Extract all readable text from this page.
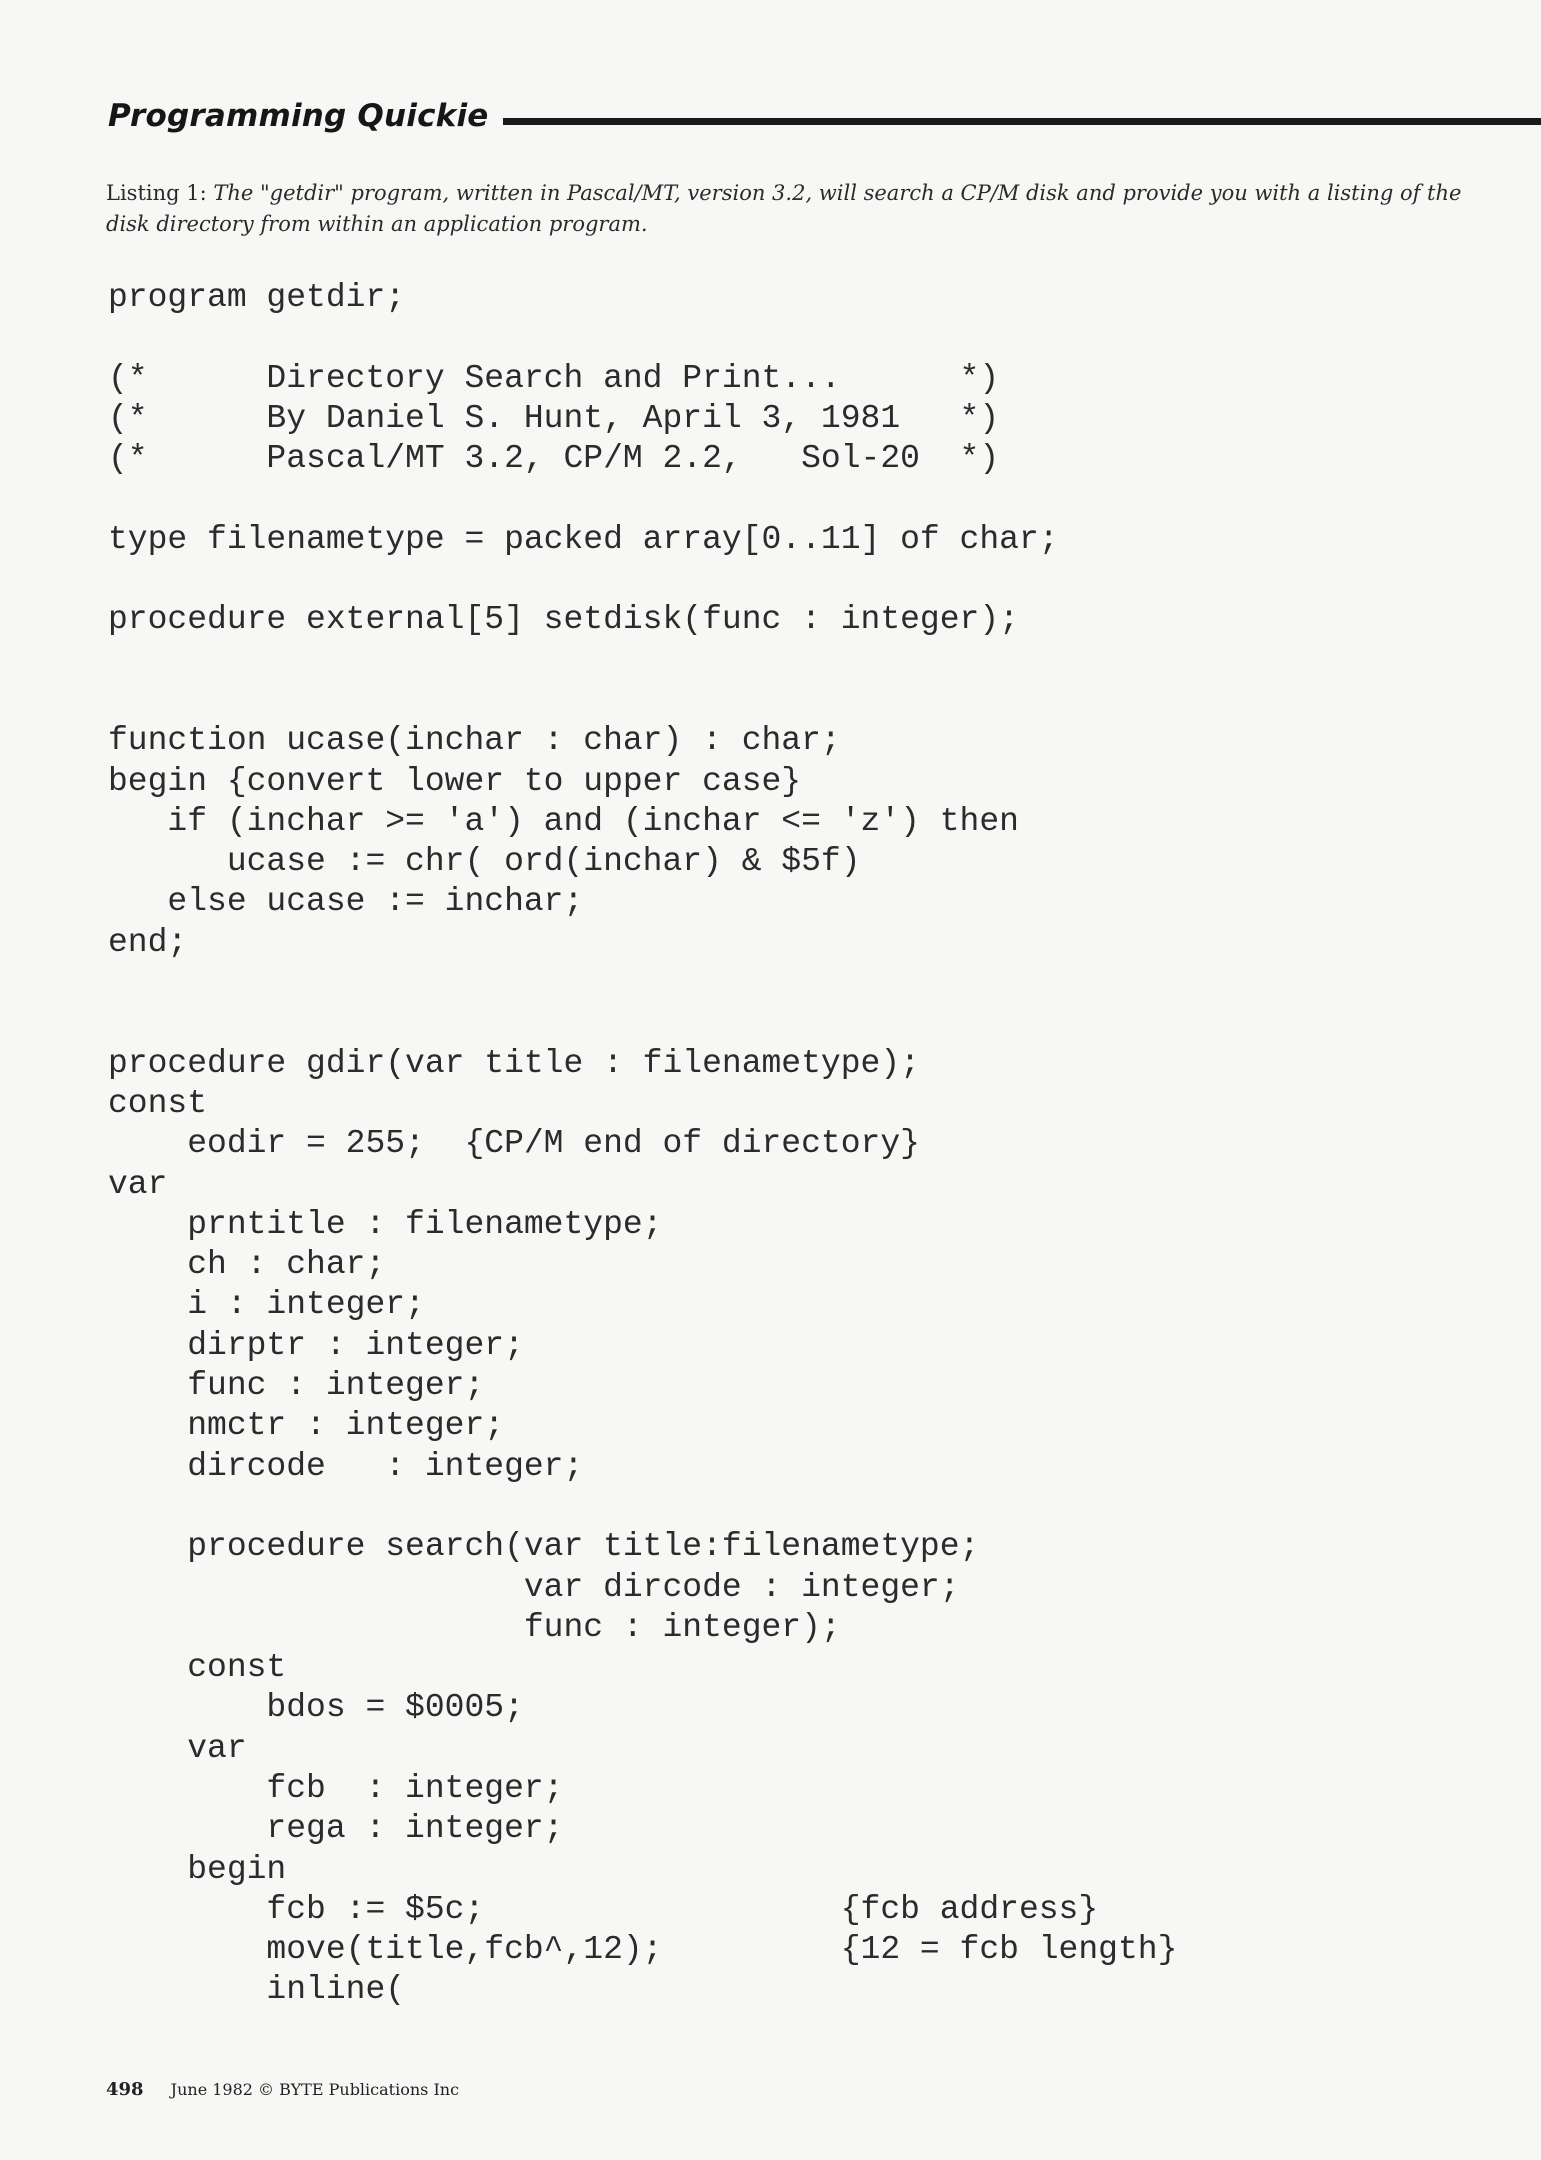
Programming Quickie
Listing 1: The "getdir" program, written in Pascal/MT, version 3.2, will search a CP/M disk and provide you with a listing of the disk directory from within an application program.
program getdir;
(*      Directory Search and Print...      *)
(*      By Daniel S. Hunt, April 3, 1981   *)
(*      Pascal/MT 3.2, CP/M 2.2,   Sol-20  *)
type filenametype = packed array[0..11] of char;
procedure external[5] setdisk(func : integer);
function ucase(inchar : char) : char;
begin {convert lower to upper case}
if (inchar >= 'a') and (inchar <= 'z') then
ucase := chr( ord(inchar) & $5f)
else ucase := inchar;
end;
procedure gdir(var title : filenametype);
const
eodir = 255;  {CP/M end of directory}
var
prntitle : filenametype;
ch : char;
i : integer;
dirptr : integer;
func : integer;
nmctr : integer;
dircode   : integer;
procedure search(var title:filenametype;
var dircode : integer;
func : integer);
const
bdos = $0005;
var
fcb  : integer;
rega : integer;
begin
fcb := $5c;                  {fcb address}
move(title,fcb^,12);         {12 = fcb length}
inline(
498 June 1982 © BYTE Publications Inc
